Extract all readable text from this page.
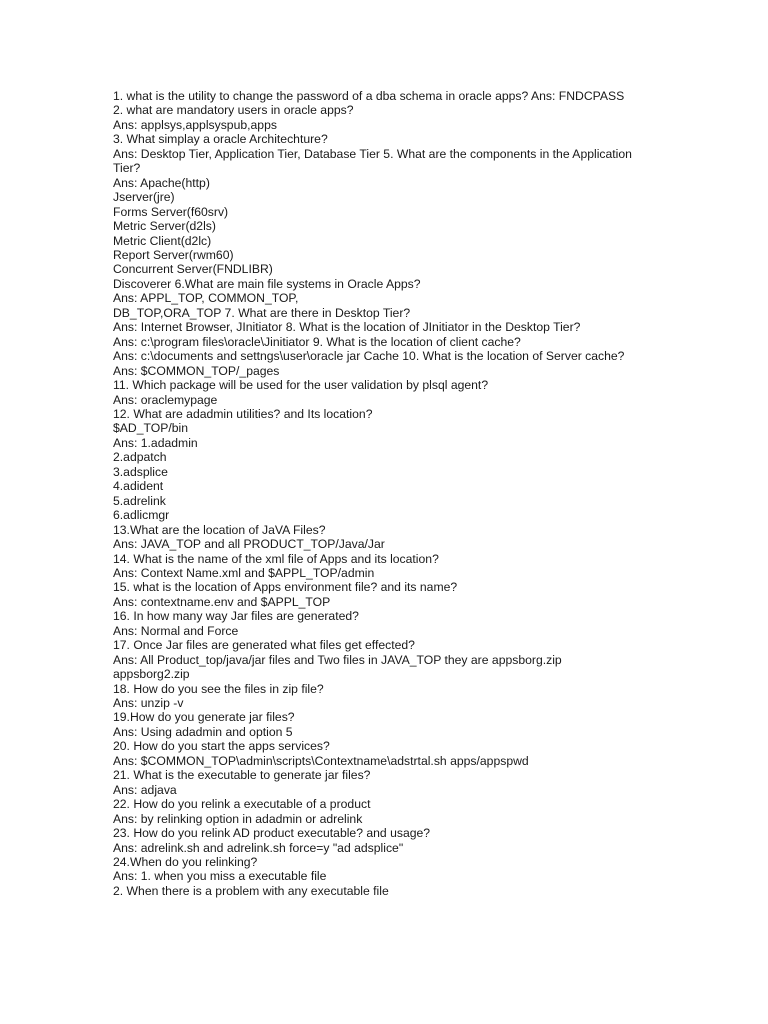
1. what is the utility to change the password of a dba schema in oracle apps? Ans: FNDCPASS
2. what are mandatory users in oracle apps?
Ans: applsys,applsyspub,apps
3. What simplay a oracle Architechture?
Ans: Desktop Tier, Application Tier, Database Tier 5. What are the components in the Application
Tier?
Ans: Apache(http)
Jserver(jre)
Forms Server(f60srv)
Metric Server(d2ls)
Metric Client(d2lc)
Report Server(rwm60)
Concurrent Server(FNDLIBR)
Discoverer 6.What are main file systems in Oracle Apps?
Ans: APPL_TOP, COMMON_TOP,
DB_TOP,ORA_TOP 7. What are there in Desktop Tier?
Ans: Internet Browser, JInitiator 8. What is the location of JInitiator in the Desktop Tier?
Ans: c:\program files\oracle\Jinitiator 9. What is the location of client cache?
Ans: c:\documents and settngs\user\oracle jar Cache 10. What is the location of Server cache?
Ans: $COMMON_TOP/_pages
11. Which package will be used for the user validation by plsql agent?
Ans: oraclemypage
12. What are adadmin utilities? and Its location?
$AD_TOP/bin
Ans: 1.adadmin
2.adpatch
3.adsplice
4.adident
5.adrelink
6.adlicmgr
13.What are the location of JaVA Files?
Ans: JAVA_TOP and all PRODUCT_TOP/Java/Jar
14. What is the name of the xml file of Apps and its location?
Ans: Context Name.xml and $APPL_TOP/admin
15. what is the location of Apps environment file? and its name?
Ans: contextname.env and $APPL_TOP
16. In how many way Jar files are generated?
Ans: Normal and Force
17. Once Jar files are generated what files get effected?
Ans: All Product_top/java/jar files and Two files in JAVA_TOP they are appsborg.zip
appsborg2.zip
18. How do you see the files in zip file?
Ans: unzip -v
19.How do you generate jar files?
Ans: Using adadmin and option 5
20. How do you start the apps services?
Ans: $COMMON_TOP\admin\scripts\Contextname\adstrtal.sh apps/appspwd
21. What is the executable to generate jar files?
Ans: adjava
22. How do you relink a executable of a product
Ans: by relinking option in adadmin or adrelink
23. How do you relink AD product executable? and usage?
Ans: adrelink.sh and adrelink.sh force=y "ad adsplice"
24.When do you relinking?
Ans: 1. when you miss a executable file
2. When there is a problem with any executable file
